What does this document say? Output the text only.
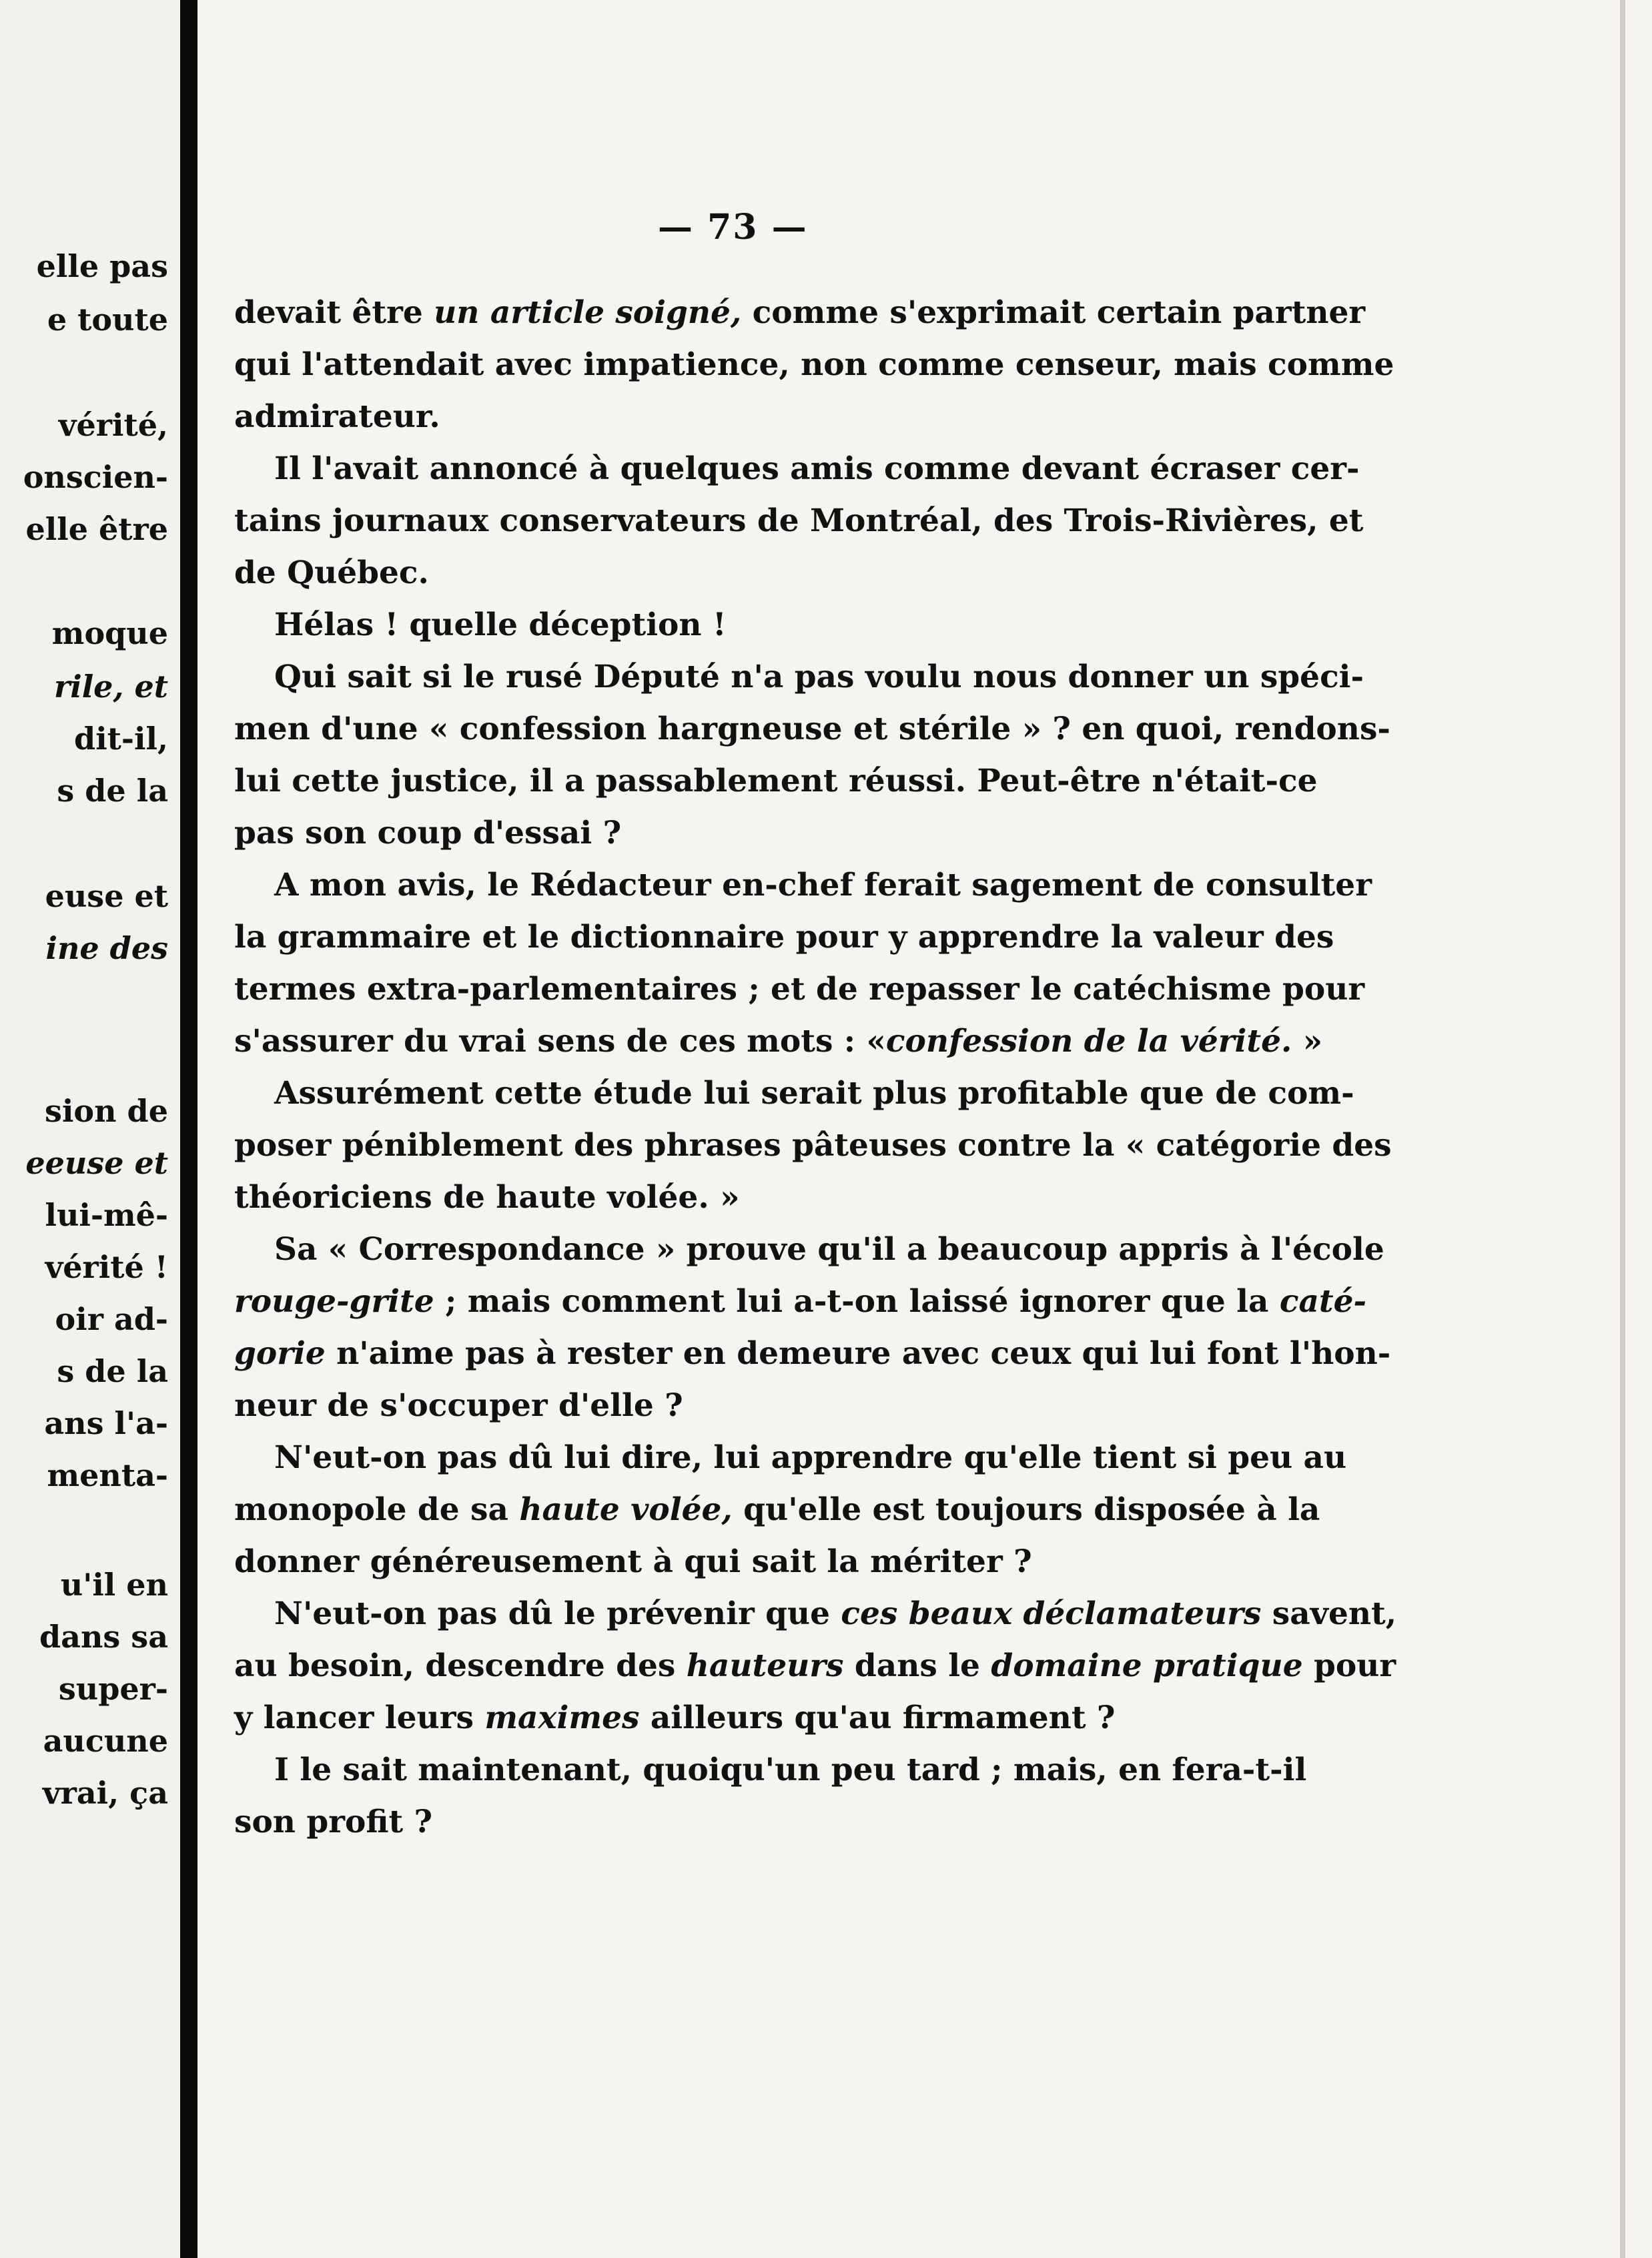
elle pas
e toute
vérité,
onscien-
elle être
moque
rile, et
dit-il,
s de la
euse et
ine des
sion de
eeuse et
lui-mê-
vérité !
oir ad-
s de la
ans l'a-
menta-
u'il en
dans sa
super-
aucune
vrai, ça
— 73 —
devait être un article soigné, comme s'exprimait certain partner
qui l'attendait avec impatience, non comme censeur, mais comme
admirateur.
Il l'avait annoncé à quelques amis comme devant écraser cer-
tains journaux conservateurs de Montréal, des Trois-Rivières, et
de Québec.
Hélas ! quelle déception !
Qui sait si le rusé Député n'a pas voulu nous donner un spéci-
men d'une « confession hargneuse et stérile » ? en quoi, rendons-
lui cette justice, il a passablement réussi. Peut-être n'était-ce
pas son coup d'essai ?
A mon avis, le Rédacteur en-chef ferait sagement de consulter
la grammaire et le dictionnaire pour y apprendre la valeur des
termes extra-parlementaires ; et de repasser le catéchisme pour
s'assurer du vrai sens de ces mots : «confession de la vérité. »
Assurément cette étude lui serait plus profitable que de com-
poser péniblement des phrases pâteuses contre la « catégorie des
théoriciens de haute volée. »
Sa « Correspondance » prouve qu'il a beaucoup appris à l'école
rouge-grite ; mais comment lui a-t-on laissé ignorer que la caté-
gorie n'aime pas à rester en demeure avec ceux qui lui font l'hon-
neur de s'occuper d'elle ?
N'eut-on pas dû lui dire, lui apprendre qu'elle tient si peu au
monopole de sa haute volée, qu'elle est toujours disposée à la
donner généreusement à qui sait la mériter ?
N'eut-on pas dû le prévenir que ces beaux déclamateurs savent,
au besoin, descendre des hauteurs dans le domaine pratique pour
y lancer leurs maximes ailleurs qu'au firmament ?
I le sait maintenant, quoiqu'un peu tard ; mais, en fera-t-il
son profit ?
